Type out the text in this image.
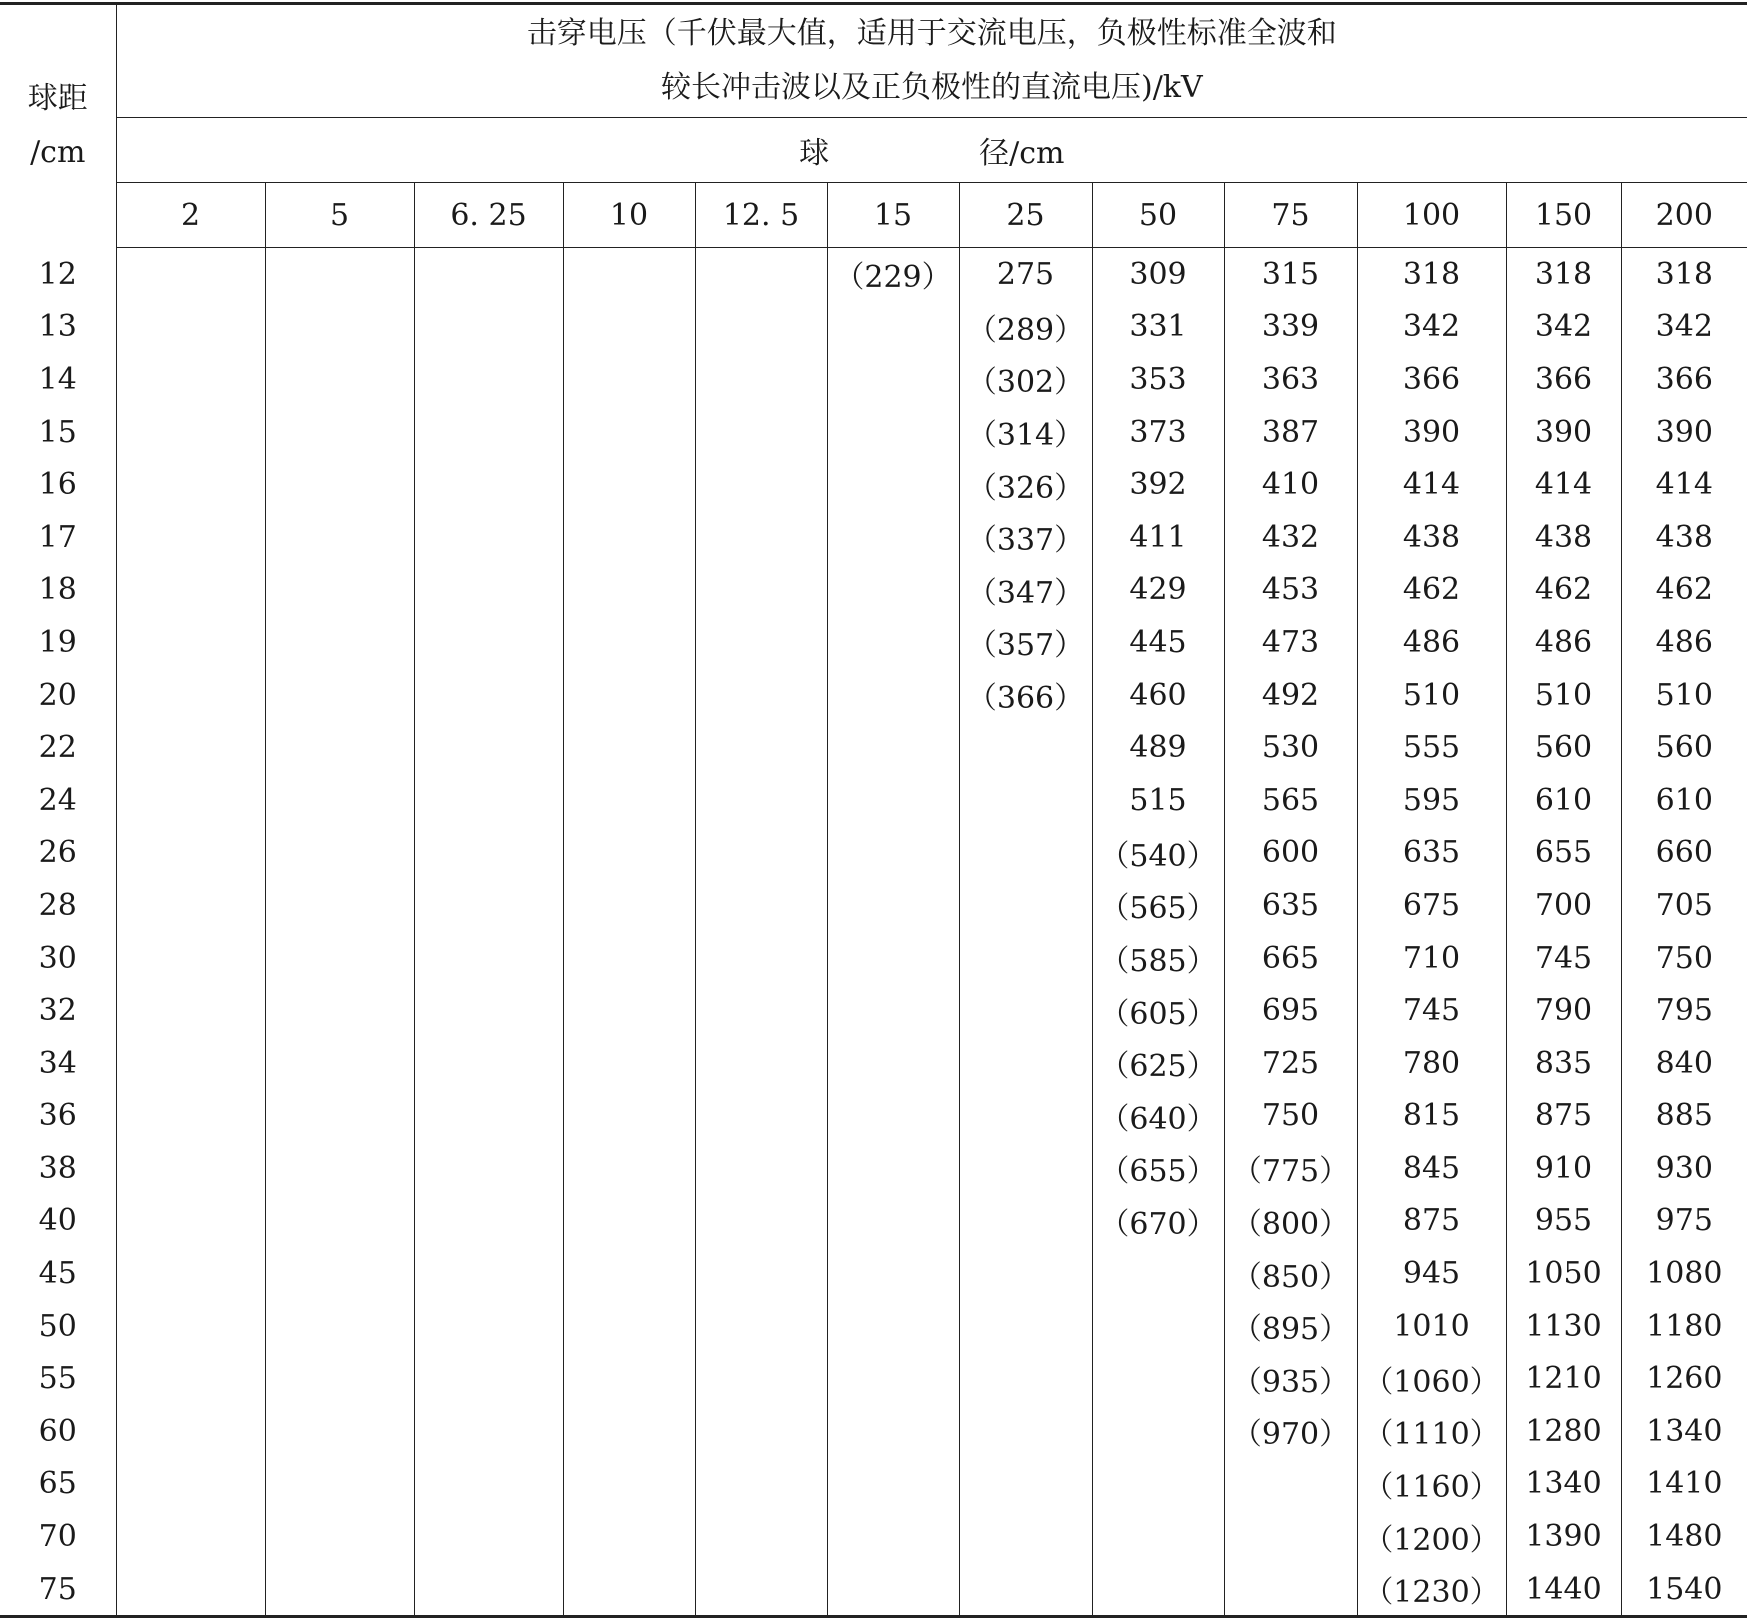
球距
/cm	击穿电压（千伏最大值，适用于交流电压，负极性标准全波和
较长冲击波以及正负极性的直流电压)/kV											

	球 径/cm											
	2	5	6. 25	10	12. 5	15	25	50	75	100	150	200
12						（229）	275	309	315	318	318	318
13							（289）	331	339	342	342	342
14							（302）	353	363	366	366	366
15							（314）	373	387	390	390	390
16							（326）	392	410	414	414	414
17							（337）	411	432	438	438	438
18							（347）	429	453	462	462	462
19							（357）	445	473	486	486	486
20							（366）	460	492	510	510	510
22								489	530	555	560	560
24								515	565	595	610	610
26								（540）	600	635	655	660
28								（565）	635	675	700	705
30								（585）	665	710	745	750
32								（605）	695	745	790	795
34								（625）	725	780	835	840
36								（640）	750	815	875	885
38								（655）	（775）	845	910	930
40								（670）	（800）	875	955	975
45									（850）	945	1050	1080
50									（895）	1010	1130	1180
55									（935）	（1060）	1210	1260
60									（970）	（1110）	1280	1340
65										（1160）	1340	1410
70										（1200）	1390	1480
75										（1230）	1440	1540
